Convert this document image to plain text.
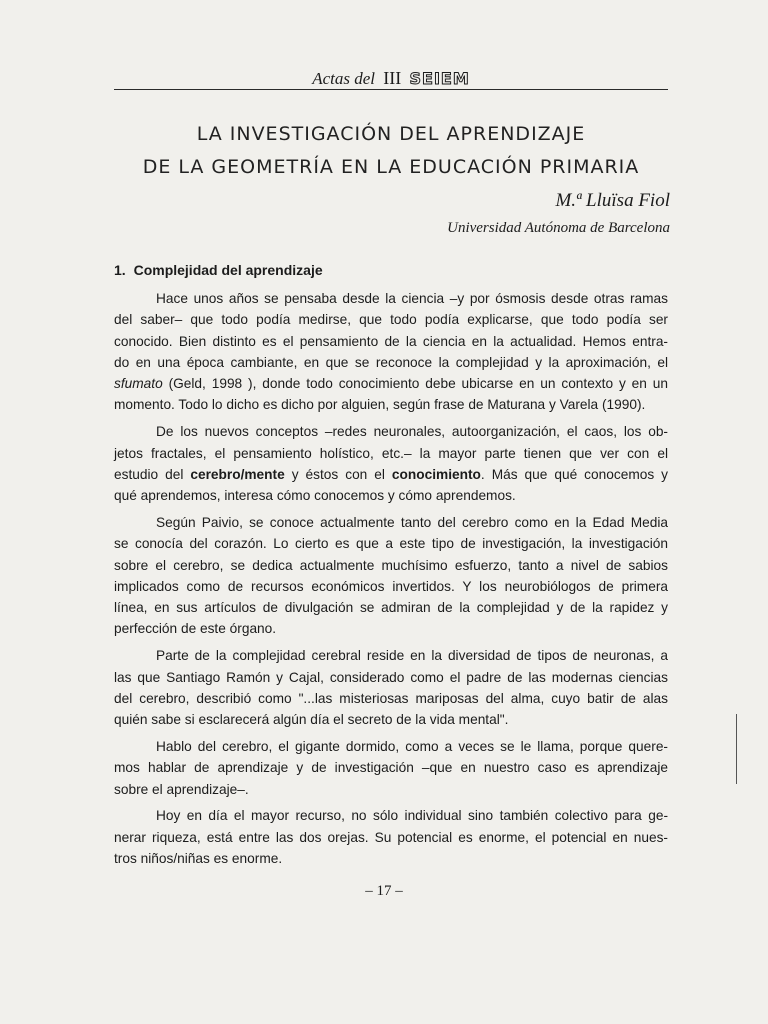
Actas del III SEIEM
LA INVESTIGACIÓN DEL APRENDIZAJE
DE LA GEOMETRÍA EN LA EDUCACIÓN PRIMARIA
M.ª Lluïsa Fiol
Universidad Autónoma de Barcelona
1. Complejidad del aprendizaje
Hace unos años se pensaba desde la ciencia –y por ósmosis desde otras ramas
del saber– que todo podía medirse, que todo podía explicarse, que todo podía ser
conocido. Bien distinto es el pensamiento de la ciencia en la actualidad. Hemos entra-
do en una época cambiante, en que se reconoce la complejidad y la aproximación, el
sfumato (Geld, 1998 ), donde todo conocimiento debe ubicarse en un contexto y en un
momento. Todo lo dicho es dicho por alguien, según frase de Maturana y Varela (1990).
De los nuevos conceptos –redes neuronales, autoorganización, el caos, los ob-
jetos fractales, el pensamiento holístico, etc.– la mayor parte tienen que ver con el
estudio del cerebro/mente y éstos con el conocimiento. Más que qué conocemos y
qué aprendemos, interesa cómo conocemos y cómo aprendemos.
Según Paivio, se conoce actualmente tanto del cerebro como en la Edad Media
se conocía del corazón. Lo cierto es que a este tipo de investigación, la investigación
sobre el cerebro, se dedica actualmente muchísimo esfuerzo, tanto a nivel de sabios
implicados como de recursos económicos invertidos. Y los neurobiólogos de primera
línea, en sus artículos de divulgación se admiran de la complejidad y de la rapidez y
perfección de este órgano.
Parte de la complejidad cerebral reside en la diversidad de tipos de neuronas, a
las que Santiago Ramón y Cajal, considerado como el padre de las modernas ciencias
del cerebro, describió como "...las misteriosas mariposas del alma, cuyo batir de alas
quién sabe si esclarecerá algún día el secreto de la vida mental".
Hablo del cerebro, el gigante dormido, como a veces se le llama, porque quere-
mos hablar de aprendizaje y de investigación –que en nuestro caso es aprendizaje
sobre el aprendizaje–.
Hoy en día el mayor recurso, no sólo individual sino también colectivo para ge-
nerar riqueza, está entre las dos orejas. Su potencial es enorme, el potencial en nues-
tros niños/niñas es enorme.
– 17 –
